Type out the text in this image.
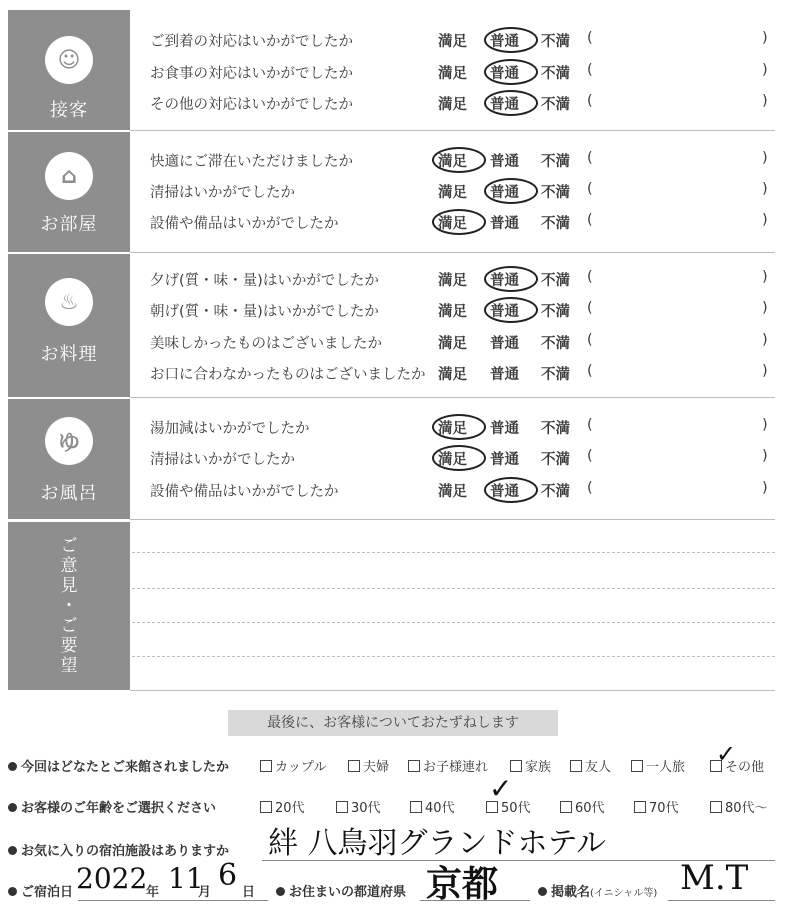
☺
接客
⌂
お部屋
♨
お料理
ゆ
お風呂
ご到着の対応はいかがでしたか	満足 普通 不満 (	)
お食事の対応はいかがでしたか	満足 普通 不満 (	)
その他の対応はいかがでしたか	満足 普通 不満 (	)
快適にご滞在いただけましたか	満足 普通 不満 (	)
清掃はいかがでしたか	満足 普通 不満 (	)
設備や備品はいかがでしたか	満足 普通 不満 (	)
夕げ(質・味・量)はいかがでしたか	満足 普通 不満 (	)
朝げ(質・味・量)はいかがでしたか	満足 普通 不満 (	)
美味しかったものはございましたか	満足 普通 不満 (	)
お口に合わなかったものはございましたか 満足 普通 不満 (	)
湯加減はいかがでしたか	満足 普通 不満 (	)
清掃はいかがでしたか	満足 普通 不満 (	)
設備や備品はいかがでしたか	満足 普通 不満 (	)
ご
意
見
・
ご
要
望
最後に、お客様についておたずねします
今回はどなたとご来館されましたか	カップル	夫婦	お子様連れ	家族	友人	一人旅	その他
✓
お客様のご年齢をご選択ください	20代	30代	40代	50代	60代	70代	80代〜
✓
お気に入りの宿泊施設はありますか 絆 八鳥羽グランドホテル
ご宿泊日 2022
年 11
月 6 日	お住まいの都道府県 京都	掲載名(イニシャル等) M.T
